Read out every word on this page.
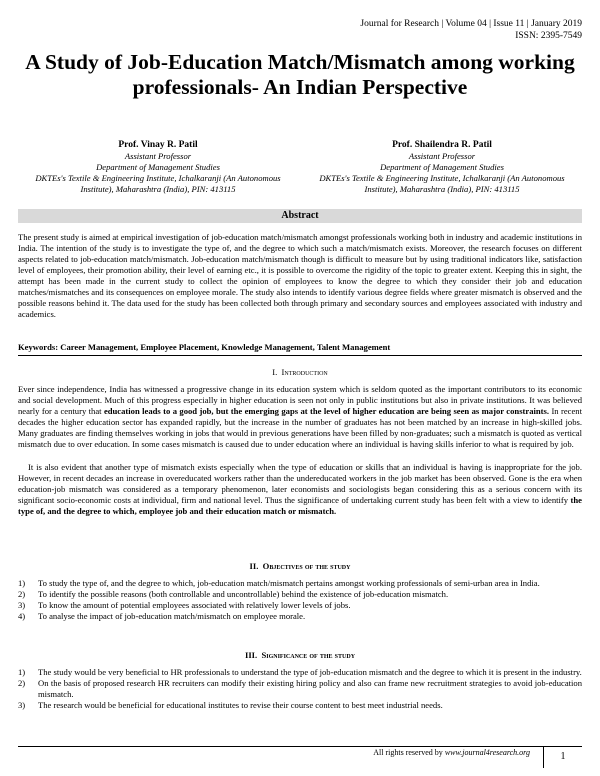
Journal for Research | Volume 04 | Issue 11 | January 2019
ISSN: 2395-7549
A Study of Job-Education Match/Mismatch among working professionals- An Indian Perspective
Prof. Vinay R. Patil
Assistant Professor
Department of Management Studies
DKTEs's Textile & Engineering Institute, Ichalkaranji (An Autonomous Institute), Maharashtra (India), PIN: 413115
Prof. Shailendra R. Patil
Assistant Professor
Department of Management Studies
DKTEs's Textile & Engineering Institute, Ichalkaranji (An Autonomous Institute), Maharashtra (India), PIN: 413115
Abstract
The present study is aimed at empirical investigation of job-education match/mismatch amongst professionals working both in industry and academic institutions in India. The intention of the study is to investigate the type of, and the degree to which such a match/mismatch exists. Moreover, the research focuses on different aspects related to job-education match/mismatch. Job-education match/mismatch though is difficult to measure but by using traditional indicators like, satisfaction level of employees, their promotion ability, their level of earning etc., it is possible to overcome the rigidity of the topic to greater extent. Keeping this in sight, the attempt has been made in the current study to collect the opinion of employees to know the degree to which they consider their job and education matches/mismatches and its consequences on employee morale. The study also intends to identify various degree fields where greater mismatch is observed and the possible reasons behind it. The data used for the study has been collected both through primary and secondary sources and employees associated with industry and academics.
Keywords: Career Management, Employee Placement, Knowledge Management, Talent Management
I. Introduction
Ever since independence, India has witnessed a progressive change in its education system which is seldom quoted as the important contributors to its economic and social development. Much of this progress especially in higher education is seen not only in public institutions but also in private institutions. It was believed nearly for a century that education leads to a good job, but the emerging gaps at the level of higher education are being seen as major constraints. In recent decades the higher education sector has expanded rapidly, but the increase in the number of graduates has not been matched by an increase in high-skilled jobs. Many graduates are finding themselves working in jobs that would in previous generations have been filled by non-graduates; such a mismatch is quoted as vertical mismatch due to over education. In some cases mismatch is caused due to under education where an individual is having skills inferior to what is required by job.
It is also evident that another type of mismatch exists especially when the type of education or skills that an individual is having is inappropriate for the job. However, in recent decades an increase in overeducated workers rather than the undereducated workers in the job market has been observed. Gone is the era when education-job mismatch was considered as a temporary phenomenon, later economists and sociologists began considering this as a serious concern with its significant socio-economic costs at individual, firm and national level. Thus the significance of undertaking current study has been felt with a view to identify the type of, and the degree to which, employee job and their education match or mismatch.
II. Objectives of the study
1) To study the type of, and the degree to which, job-education match/mismatch pertains amongst working professionals of semi-urban area in India.
2) To identify the possible reasons (both controllable and uncontrollable) behind the existence of job-education mismatch.
3) To know the amount of potential employees associated with relatively lower levels of jobs.
4) To analyse the impact of job-education match/mismatch on employee morale.
III. Significance of the study
1) The study would be very beneficial to HR professionals to understand the type of job-education mismatch and the degree to which it is present in the industry.
2) On the basis of proposed research HR recruiters can modify their existing hiring policy and also can frame new recruitment strategies to avoid job-education mismatch.
3) The research would be beneficial for educational institutes to revise their course content to best meet industrial needs.
All rights reserved by www.journal4research.org	1
